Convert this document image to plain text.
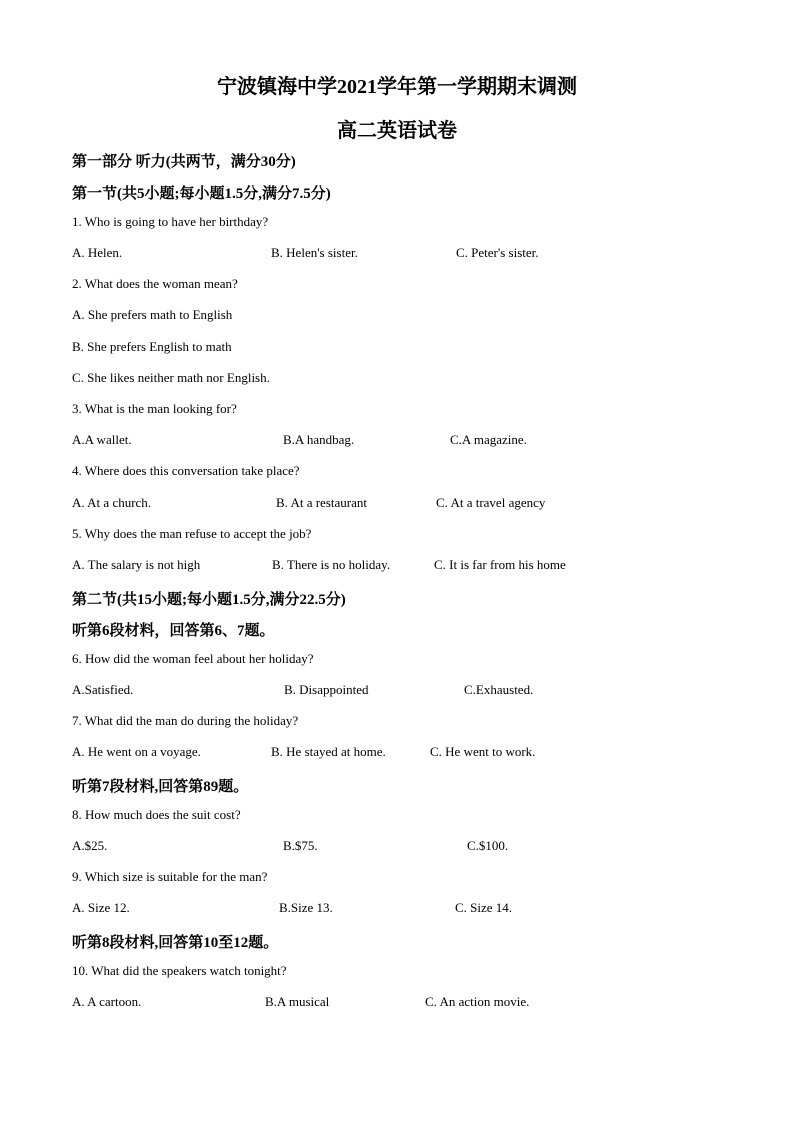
宁波镇海中学2021学年第一学期期末调测
高二英语试卷
第一部分 听力(共两节，满分30分)
第一节(共5小题;每小题1.5分,满分7.5分)
1. Who is going to have her birthday?
A. Helen.	B. Helen's sister.	C. Peter's sister.
2. What does the woman mean?
A. She prefers math to English
B. She prefers English to math
C. She likes neither math nor English.
3. What is the man looking for?
A.A wallet.	B.A handbag.	C.A magazine.
4. Where does this conversation take place?
A. At a church.	B. At a restaurant	C. At a travel agency
5. Why does the man refuse to accept the job?
A. The salary is not high	B. There is no holiday.	C. It is far from his home
第二节(共15小题;每小题1.5分,满分22.5分)
听第6段材料，回答第6、7题。
6. How did the woman feel about her holiday?
A.Satisfied.	B. Disappointed	C.Exhausted.
7. What did the man do during the holiday?
A. He went on a voyage.	B. He stayed at home.	C. He went to work.
听第7段材料,回答第89题。
8. How much does the suit cost?
A.$25.	B.$75.	C.$100.
9. Which size is suitable for the man?
A. Size 12.	B.Size 13.	C. Size 14.
听第8段材料,回答第10至12题。
10. What did the speakers watch tonight?
A. A cartoon.	B.A musical	C. An action movie.
